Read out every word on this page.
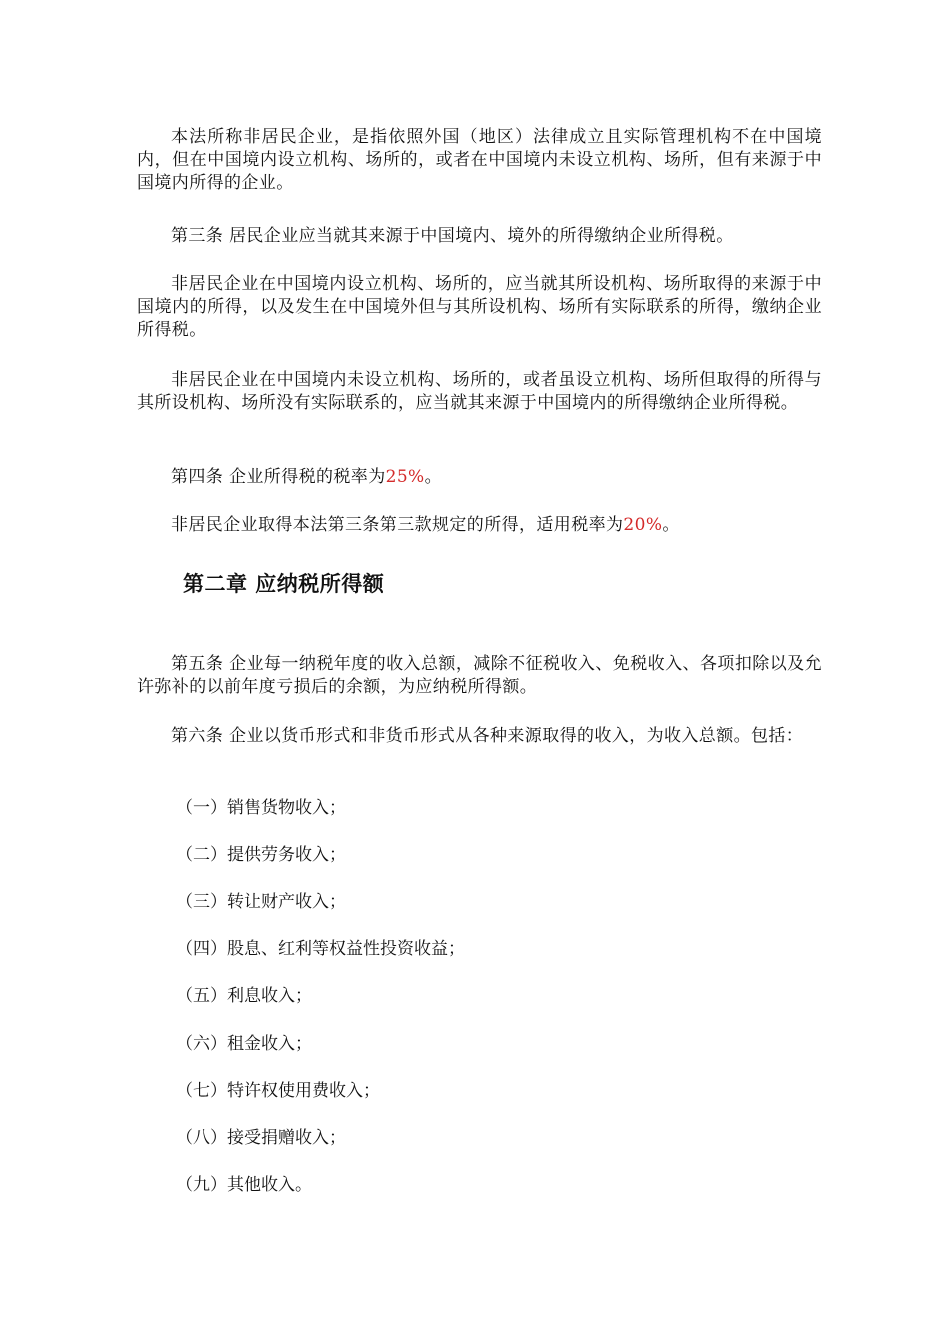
本法所称非居民企业，是指依照外国（地区）法律成立且实际管理机构不在中国境内，但在中国境内设立机构、场所的，或者在中国境内未设立机构、场所，但有来源于中国境内所得的企业。

第三条 居民企业应当就其来源于中国境内、境外的所得缴纳企业所得税。

非居民企业在中国境内设立机构、场所的，应当就其所设机构、场所取得的来源于中国境内的所得，以及发生在中国境外但与其所设机构、场所有实际联系的所得，缴纳企业所得税。

非居民企业在中国境内未设立机构、场所的，或者虽设立机构、场所但取得的所得与其所设机构、场所没有实际联系的，应当就其来源于中国境内的所得缴纳企业所得税。

第四条 企业所得税的税率为25%。

非居民企业取得本法第三条第三款规定的所得，适用税率为20%。

第二章 应纳税所得额

第五条 企业每一纳税年度的收入总额，减除不征税收入、免税收入、各项扣除以及允许弥补的以前年度亏损后的余额，为应纳税所得额。

第六条 企业以货币形式和非货币形式从各种来源取得的收入，为收入总额。包括：

（一）销售货物收入；

（二）提供劳务收入；

（三）转让财产收入；

（四）股息、红利等权益性投资收益；

（五）利息收入；

（六）租金收入；

（七）特许权使用费收入；

（八）接受捐赠收入；

（九）其他收入。
